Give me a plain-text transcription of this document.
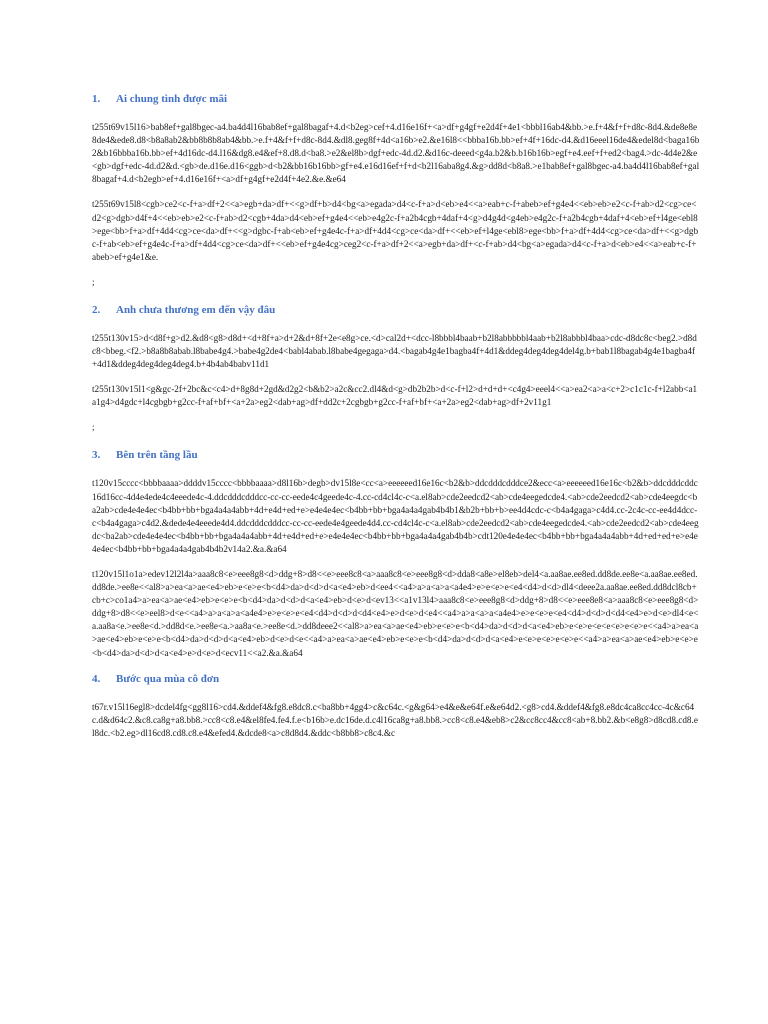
1.	Ai chung tình được mãi

t255t69v15l16>bab8ef+gal8bgec-a4.ba4d4l16bab8ef+gal8bagaf+4.d<b2eg>cef+4.d16e16f+<a>df+g4gf+e2d4f+4e1<bbbl16ab4&bb.>e.f+4&f+f+d8c-8d4.&de8e8e8de4&ede8.d8<b8a8ab2&bb8b8b8ab4&bb.>e.f+4&f+f+d8c-8d4.&dl8.geg8f+4d<a16b>e2.&e16l8<<bbba16b.bb>ef+4f+16dc-d4.&d16eeel16de4&edel8d<baga16b2&b16bbba16b.bb>ef+4d16dc-d4.l16&dg8.e4&ef+8.d8.d<ba8.>e2&el8b>dgf+edc-4d.d2.&d16c-deeed<g4a.b2&b.b16b16b>egf+e4.eef+f+ed2<bag4.>dc-4d4e2&e<gb>dgf+edc-4d.d2&d.<gb>de.d16e.d16<ggb>d<b2&bb16b16bb>gf+e4.e16d16ef+f+d<b2l16aba8g4.&g>dd8d<b8a8.>e1bab8ef+gal8bgec-a4.ba4d4l16bab8ef+gal8bagaf+4.d<b2egb>ef+4.d16e16f+<a>df+g4gf+e2d4f+4e2.&e.&e64

t255t69v15l8<cgb>ce2<c-f+a>df+2<<a>egb+da>df+<<g>df+b>d4<bg<a>egada>d4<c-f+a>d<eb>e4<<a>eab+c-f+abeb>ef+g4e4<<eb>eb>e2<c-f+ab>d2<cg>ce<d2<g>dgb>d4f+4<<eb>eb>e2<c-f+ab>d2<cgb+4da>d4<eb>ef+g4e4<<eb>e4g2c-f+a2b4cgb+4daf+4<g>d4g4d<g4eb>e4g2c-f+a2b4cgb+4daf+4<eb>ef+l4ge<ebl8>ege<bb>f+a>df+4d4<cg>ce<da>df+<<g>dgbc-f+ab<eb>ef+g4e4c-f+a>df+4d4<cg>ce<da>df+<<eb>ef+l4ge<ebl8>ege<bb>f+a>df+4d4<cg>ce<da>df+<<g>dgbc-f+ab<eb>ef+g4e4c-f+a>df+4d4<cg>ce<da>df+<<eb>ef+g4e4cg>ceg2<c-f+a>df+2<<a>egb+da>df+<c-f+ab>d4<bg<a>egada>d4<c-f+a>d<eb>e4<<a>eab+c-f+abeb>ef+g4e1&e.

;

2.	Anh chưa thương em đến vậy đâu

t255t130v15>d<d8f+g>d2.&d8<g8>d8d+<d+8f+a>d+2&d+8f+2e<e8g>ce.<d>cal2d+<dcc-l8bbbl4baab+b2l8abbbbbl4aab+b2l8abbbl4baa>cdc-d8dc8c<beg2.>d8dc8<bbeg.<f2.>b8a8b8abab.l8babe4g4.>babe4g2de4<babl4abab.l8babe4gegaga>d4.<bagab4g4e1bagba4f+4d1&ddeg4deg4deg4del4g.b+bab1l8bagab4g4e1bagba4f+4d1&ddeg4deg4deg4deg4.b+4b4ab4babv11d1

t255t130v15l1<g&gc-2f+2bc&c<c4>d+8g8d+2gd&d2g2<b&b2>a2c&cc2.dl4&d<g>db2b2b>d<c-f+l2>d+d+d+<c4g4>eeel4<<a>ea2<a>a<c+2>c1c1c-f+l2abb<a1a1g4>d4gdc+l4cgbgb+g2cc-f+af+bf+<a+2a>eg2<dab+ag>df+dd2c+2cgbgb+g2cc-f+af+bf+<a+2a>eg2<dab+ag>df+2v11g1

;

3.	Bên trên tầng lầu

t120v15cccc<bbbbaaaa>ddddv15cccc<bbbbaaaa>d8l16b>degb>dv15l8e<cc<a>eeeeeed16e16c<b2&b>ddcdddcdddce2&ecc<a>eeeeeed16e16c<b2&b>ddcdddcddc16d16cc-4d4e4ede4c4eeede4c-4.ddcdddcdddcc-cc-cc-eede4c4geede4c-4.cc-cd4cl4c-c<a.el8ab>cde2eedcd2<ab>cde4eegedcde4.<ab>cde2eedcd2<ab>cde4eegdc<ba2ab>cde4e4e4ec<b4bb+bb+bga4a4a4abb+4d+e4d+ed+e>e4e4e4ec<b4bb+bb+bga4a4a4gab4b4b1&b2b+bb+b>ee4d4cdc-c<b4a4gaga>c4d4.cc-2c4c-cc-ee4d4dcc-c<b4a4gaga>c4d2.&dede4e4eeede4d4.ddcdddcdddcc-cc-cc-eede4e4geede4d4.cc-cd4cl4c-c<a.el8ab>cde2eedcd2<ab>cde4eegedcde4.<ab>cde2eedcd2<ab>cde4eegdc<ba2ab>cde4e4e4ec<b4bb+bb+bga4a4a4abb+4d+e4d+ed+e>e4e4e4ec<b4bb+bb+bga4a4a4gab4b4b>cdt120e4e4e4ec<b4bb+bb+bga4a4a4abb+4d+ed+ed+e>e4e4e4ec<b4bb+bb+bga4a4a4gab4b4b2v14a2.&a.&a64

t120v15l1o1a>edev12l2l4a>aaa8c8<e>eee8g8<d>ddg+8>d8<<e>eee8c8<a>aaa8c8<e>eee8g8<d>dda8<a8e>el8eb>del4<a.aa8ae.ee8ed.dd8de.ee8e<a.aa8ae.ee8ed.dd8de.>ee8e<<al8>a>ea<a>ae<e4>eb>e<e>e<b<d4>da>d<d>d<a<e4>eb>d<ee4<<a4>a>a<a>a<a4e4>e>e<e>e<e4<d4>d<d>dl4<deee2a.aa8ae.ee8ed.dd8dcl8cb+cb+c>co1a4>a>ea<a>ae<e4>eb>e<e>e<b<d4>da>d<d>d<a<e4>eb>d<e>d<ev13<<a1v13l4>aaa8c8<e>eee8g8<d>ddg+8>d8<<e>eee8e8<a>aaa8c8<e>eee8g8<d>ddg+8>d8<<e>eel8>d<e<<a4>a>a<a>a<a4e4>e>e<e>e<e4<d4>d<d>d<d4<e4>e>d<e>d<e4<<a4>a>a<a>a<a4e4>e>e<e>e<e4<d4>d<d>d<d4<e4>e>d<e>dl4<e<a.aa8a<e.>ee8e<d.>dd8d<e.>ee8e<a.>aa8a<e.>ee8e<d.>dd8deee2<<al8>a>ea<a>ae<e4>eb>e<e>e<b<d4>da>d<d>d<a<e4>eb>e<e>e<e<e<e>e<e>e<<a4>a>ea<a>ae<e4>eb>e<e>e<b<d4>da>d<d>d<a<e4>eb>d<e>d<e<<a4>a>ea<a>ae<e4>eb>e<e>e<b<d4>da>d<d>d<a<e4>e<e>e<e>e<e>e<<a4>a>ea<a>ae<e4>eb>e<e>e<b<d4>da>d<d>d<a<e4>e>d<e>d<ecv11<<a2.&a.&a64

4.	Bước qua mùa cô đơn

t67r.v15l16egl8>dcdel4fg<gg8l16>cd4.&ddef4&fg8.e8dc8.c<ba8bb+4gg4>c&c64c.<g&g64>e4&e&e64f.e&e64d2.<g8>cd4.&ddef4&fg8.e8dc4ca8cc4cc-4c&c64c.d&d64c2.&c8.ca8g+a8.bb8.>cc8<c8.e4&el8fe4.fe4.f.e<b16b>e.dc16de.d.c4l16ca8g+a8.bb8.>cc8<c8.e4&eb8>c2&cc8cc4&cc8<ab+8.bb2.&b<e8g8>d8cd8.cd8.el8dc.<b2.eg>dl16cd8.cd8.c8.e4&efed4.&dcde8<a>c8d8d4.&ddc<b8bb8>c8c4.&c
